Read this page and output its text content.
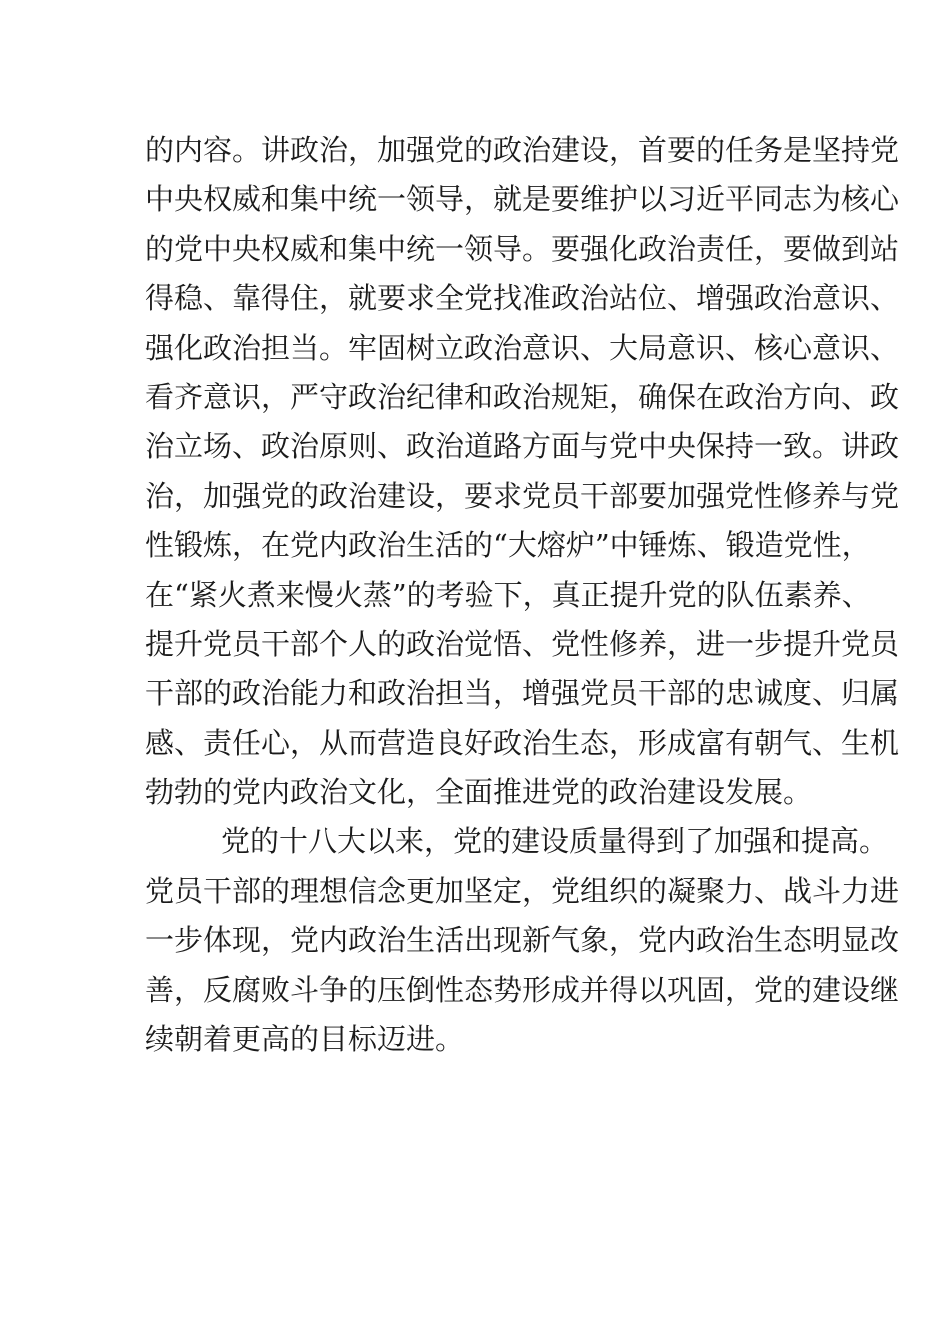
的内容。讲政治，加强党的政治建设，首要的任务是坚持党
中央权威和集中统一领导，就是要维护以习近平同志为核心
的党中央权威和集中统一领导。要强化政治责任，要做到站
得稳、靠得住，就要求全党找准政治站位、增强政治意识、
强化政治担当。牢固树立政治意识、大局意识、核心意识、
看齐意识，严守政治纪律和政治规矩，确保在政治方向、政
治立场、政治原则、政治道路方面与党中央保持一致。讲政
治，加强党的政治建设，要求党员干部要加强党性修养与党
性锻炼，在党内政治生活的“大熔炉”中锤炼、锻造党性，
在“紧火煮来慢火蒸”的考验下，真正提升党的队伍素养、
提升党员干部个人的政治觉悟、党性修养，进一步提升党员
干部的政治能力和政治担当，增强党员干部的忠诚度、归属
感、责任心，从而营造良好政治生态，形成富有朝气、生机
勃勃的党内政治文化，全面推进党的政治建设发展。
党的十八大以来，党的建设质量得到了加强和提高。
党员干部的理想信念更加坚定，党组织的凝聚力、战斗力进
一步体现，党内政治生活出现新气象，党内政治生态明显改
善，反腐败斗争的压倒性态势形成并得以巩固，党的建设继
续朝着更高的目标迈进。
